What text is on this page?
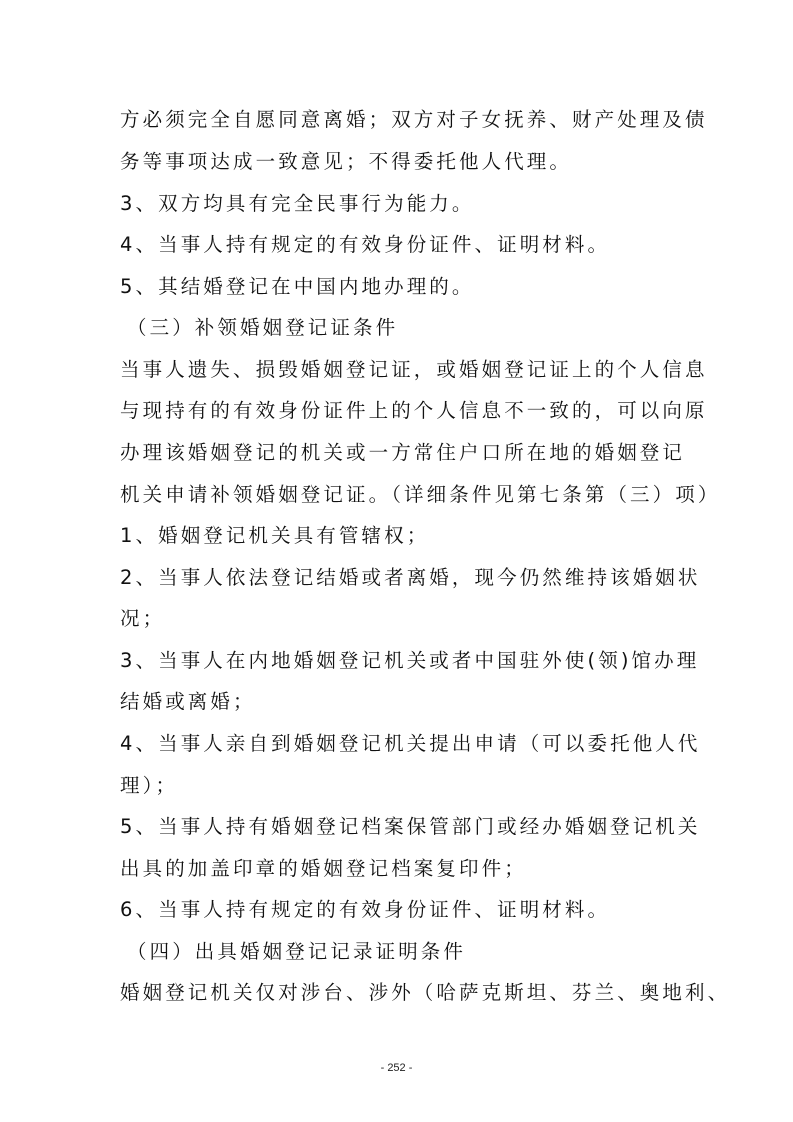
方必须完全自愿同意离婚；双方对子女抚养、财产处理及债
务等事项达成一致意见；不得委托他人代理。
3、双方均具有完全民事行为能力。
4、当事人持有规定的有效身份证件、证明材料。
5、其结婚登记在中国内地办理的。
（三）补领婚姻登记证条件
当事人遗失、损毁婚姻登记证，或婚姻登记证上的个人信息
与现持有的有效身份证件上的个人信息不一致的，可以向原
办理该婚姻登记的机关或一方常住户口所在地的婚姻登记
机关申请补领婚姻登记证。（详细条件见第七条第（三）项）
1、婚姻登记机关具有管辖权；
2、当事人依法登记结婚或者离婚，现今仍然维持该婚姻状
况；
3、当事人在内地婚姻登记机关或者中国驻外使(领)馆办理
结婚或离婚；
4、当事人亲自到婚姻登记机关提出申请（可以委托他人代
理）；
5、当事人持有婚姻登记档案保管部门或经办婚姻登记机关
出具的加盖印章的婚姻登记档案复印件；
6、当事人持有规定的有效身份证件、证明材料。
（四）出具婚姻登记记录证明条件
婚姻登记机关仅对涉台、涉外（哈萨克斯坦、芬兰、奥地利、
- 252 -
